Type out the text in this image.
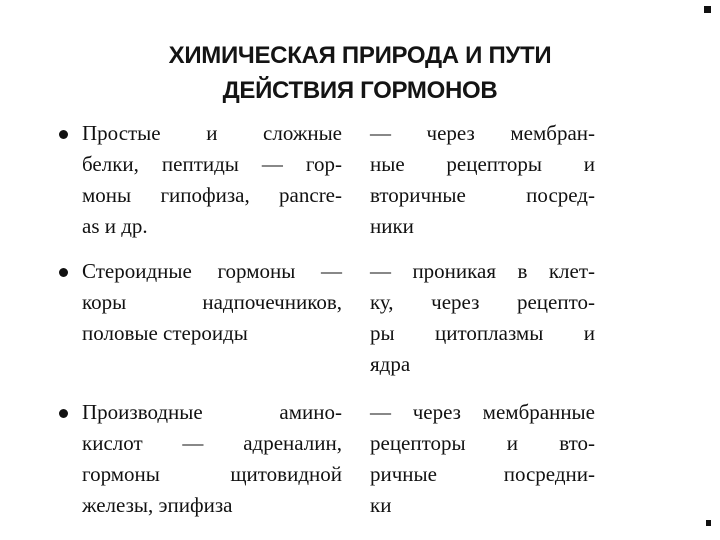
ХИМИЧЕСКАЯ ПРИРОДА И ПУТИ
ДЕЙСТВИЯ ГОРМОНОВ
Простые и сложные
белки, пептиды — гор-
моны гипофиза, pancre-
as и др.
— через мембран-
ные рецепторы и
вторичные посред-
ники
Стероидные гормоны —
коры надпочечников,
половые стероиды
— проникая в клет-
ку, через рецепто-
ры цитоплазмы и
ядра
Производные амино-
кислот — адреналин,
гормоны щитовидной
железы, эпифиза
— через мембранные
рецепторы и вто-
ричные посредни-
ки
